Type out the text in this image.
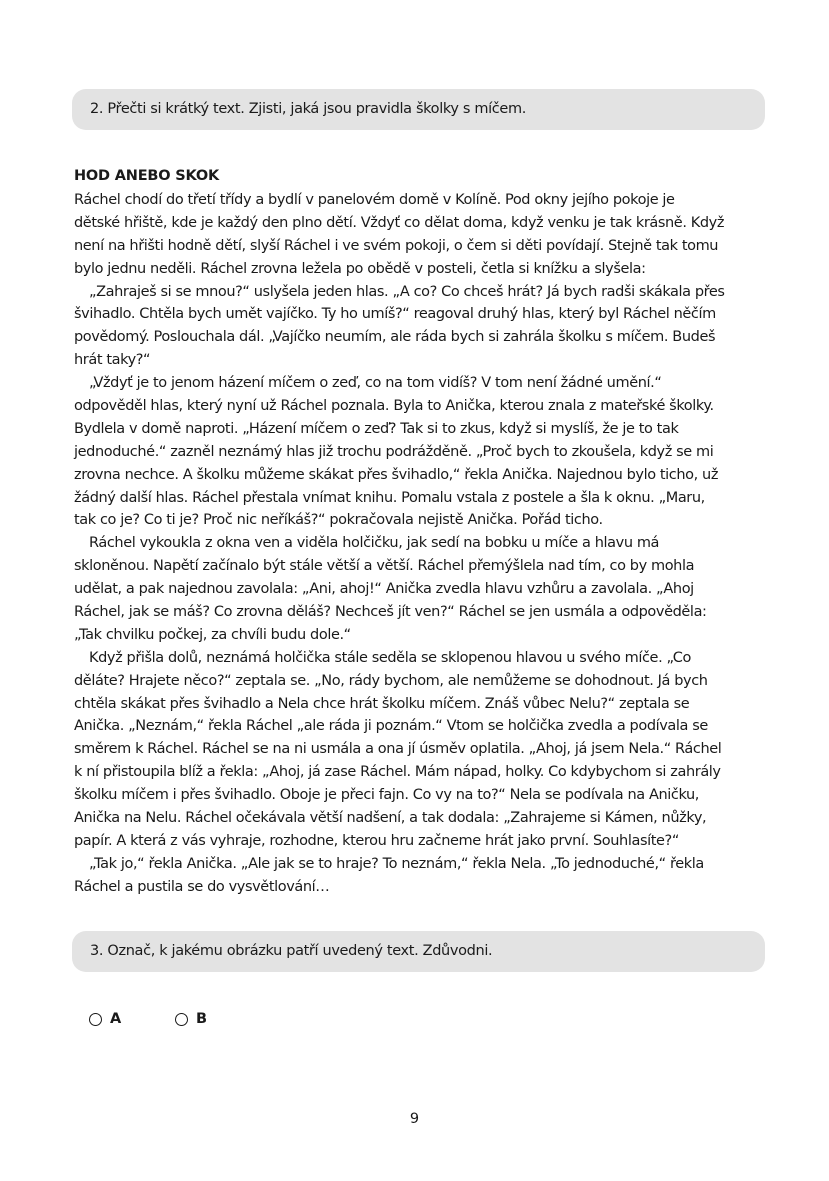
2. Přečti si krátký text. Zjisti, jaká jsou pravidla školky s míčem.
HOD ANEBO SKOK
Ráchel chodí do třetí třídy a bydlí v panelovém domě v Kolíně. Pod okny jejího pokoje je
dětské hřiště, kde je každý den plno dětí. Vždyť co dělat doma, když venku je tak krásně. Když
není na hřišti hodně dětí, slyší Ráchel i ve svém pokoji, o čem si děti povídají. Stejně tak tomu
bylo jednu neděli. Ráchel zrovna ležela po obědě v posteli, četla si knížku a slyšela:
„Zahraješ si se mnou?“ uslyšela jeden hlas. „A co? Co chceš hrát? Já bych radši skákala přes
švihadlo. Chtěla bych umět vajíčko. Ty ho umíš?“ reagoval druhý hlas, který byl Ráchel něčím
povědomý. Poslouchala dál. „Vajíčko neumím, ale ráda bych si zahrála školku s míčem. Budeš
hrát taky?“
„Vždyť je to jenom házení míčem o zeď, co na tom vidíš? V tom není žádné umění.“
odpověděl hlas, který nyní už Ráchel poznala. Byla to Anička, kterou znala z mateřské školky.
Bydlela v domě naproti. „Házení míčem o zeď? Tak si to zkus, když si myslíš, že je to tak
jednoduché.“ zazněl neznámý hlas již trochu podrážděně. „Proč bych to zkoušela, když se mi
zrovna nechce. A školku můžeme skákat přes švihadlo,“ řekla Anička. Najednou bylo ticho, už
žádný další hlas. Ráchel přestala vnímat knihu. Pomalu vstala z postele a šla k oknu. „Maru,
tak co je? Co ti je? Proč nic neříkáš?“ pokračovala nejistě Anička. Pořád ticho.
Ráchel vykoukla z okna ven a viděla holčičku, jak sedí na bobku u míče a hlavu má
skloněnou. Napětí začínalo být stále větší a větší. Ráchel přemýšlela nad tím, co by mohla
udělat, a pak najednou zavolala: „Ani, ahoj!“ Anička zvedla hlavu vzhůru a zavolala. „Ahoj
Ráchel, jak se máš? Co zrovna děláš? Nechceš jít ven?“ Ráchel se jen usmála a odpověděla:
„Tak chvilku počkej, za chvíli budu dole.“
Když přišla dolů, neznámá holčička stále seděla se sklopenou hlavou u svého míče. „Co
děláte? Hrajete něco?“ zeptala se. „No, rády bychom, ale nemůžeme se dohodnout. Já bych
chtěla skákat přes švihadlo a Nela chce hrát školku míčem. Znáš vůbec Nelu?“ zeptala se
Anička. „Neznám,“ řekla Ráchel „ale ráda ji poznám.“ Vtom se holčička zvedla a podívala se
směrem k Ráchel. Ráchel se na ni usmála a ona jí úsměv oplatila. „Ahoj, já jsem Nela.“ Ráchel
k ní přistoupila blíž a řekla: „Ahoj, já zase Ráchel. Mám nápad, holky. Co kdybychom si zahrály
školku míčem i přes švihadlo. Oboje je přeci fajn. Co vy na to?“ Nela se podívala na Aničku,
Anička na Nelu. Ráchel očekávala větší nadšení, a tak dodala: „Zahrajeme si Kámen, nůžky,
papír. A která z vás vyhraje, rozhodne, kterou hru začneme hrát jako první. Souhlasíte?“
„Tak jo,“ řekla Anička. „Ale jak se to hraje? To neznám,“ řekla Nela. „To jednoduché,“ řekla
Ráchel a pustila se do vysvětlování…
3. Označ, k jakému obrázku patří uvedený text. Zdůvodni.
A	B
9
